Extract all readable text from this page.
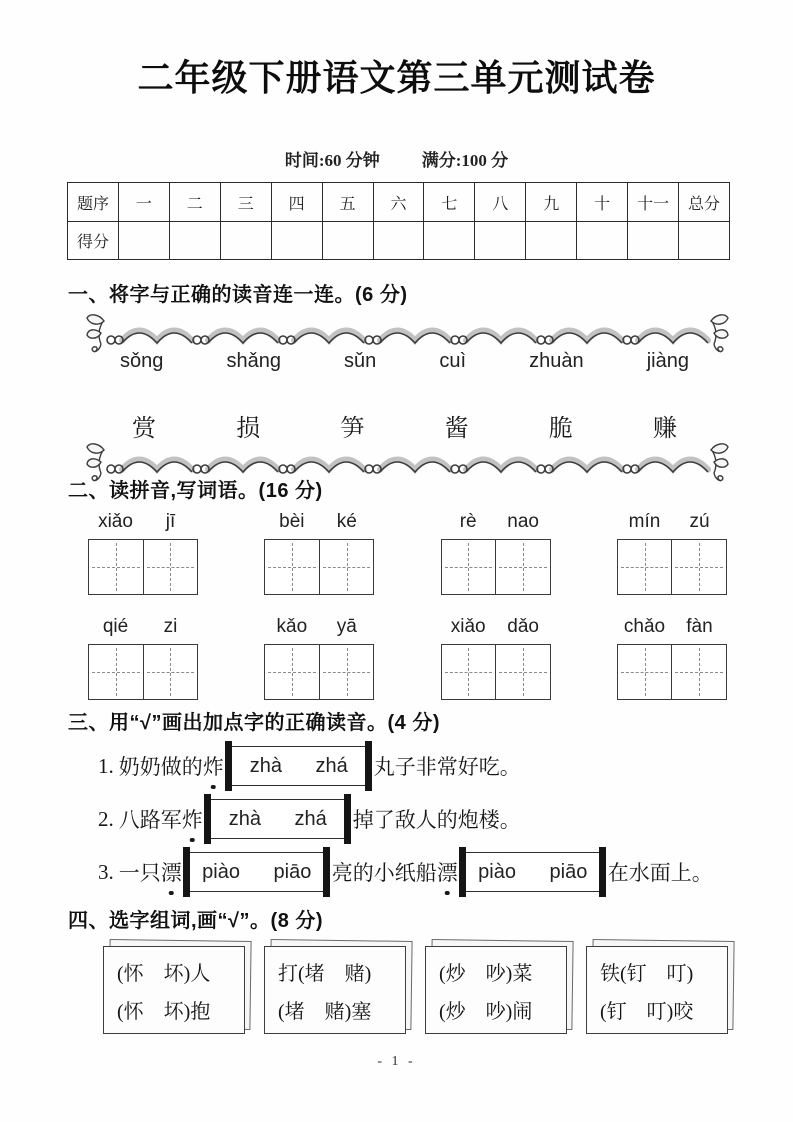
二年级下册语文第三单元测试卷
时间:60 分钟 满分:100 分
题序	一	二	三	四	五	六	七	八	九	十	十一	总分
得分												
一、将字与正确的读音连一连。(6 分)
sǒng	shǎng	sǔn	cuì	zhuàn	jiàng
赏	损	笋	酱	脆	赚
二、读拼音,写词语。(16 分)
xiǎo	jī	bèi	ké	rè	nao	mín	zú
qié	zi	kǎo	yā	xiǎo	dǎo	chǎo	fàn
三、用“√”画出加点字的正确读音。(4 分)
1. 奶奶做的 炸	zhà zhá	丸子非常好吃。
2. 八路军 炸	zhà zhá	掉了敌人的炮楼。
3. 一只 漂	piào piāo 亮的小纸船 漂	piào piāo 在水面上。
四、选字组词,画“√”。(8 分)
(怀　坏)人
(怀　坏)抱
打(堵　赌)
(堵　赌)塞
(炒　吵)菜
(炒　吵)闹
铁(钉　叮)
(钉　叮)咬
- 1 -
